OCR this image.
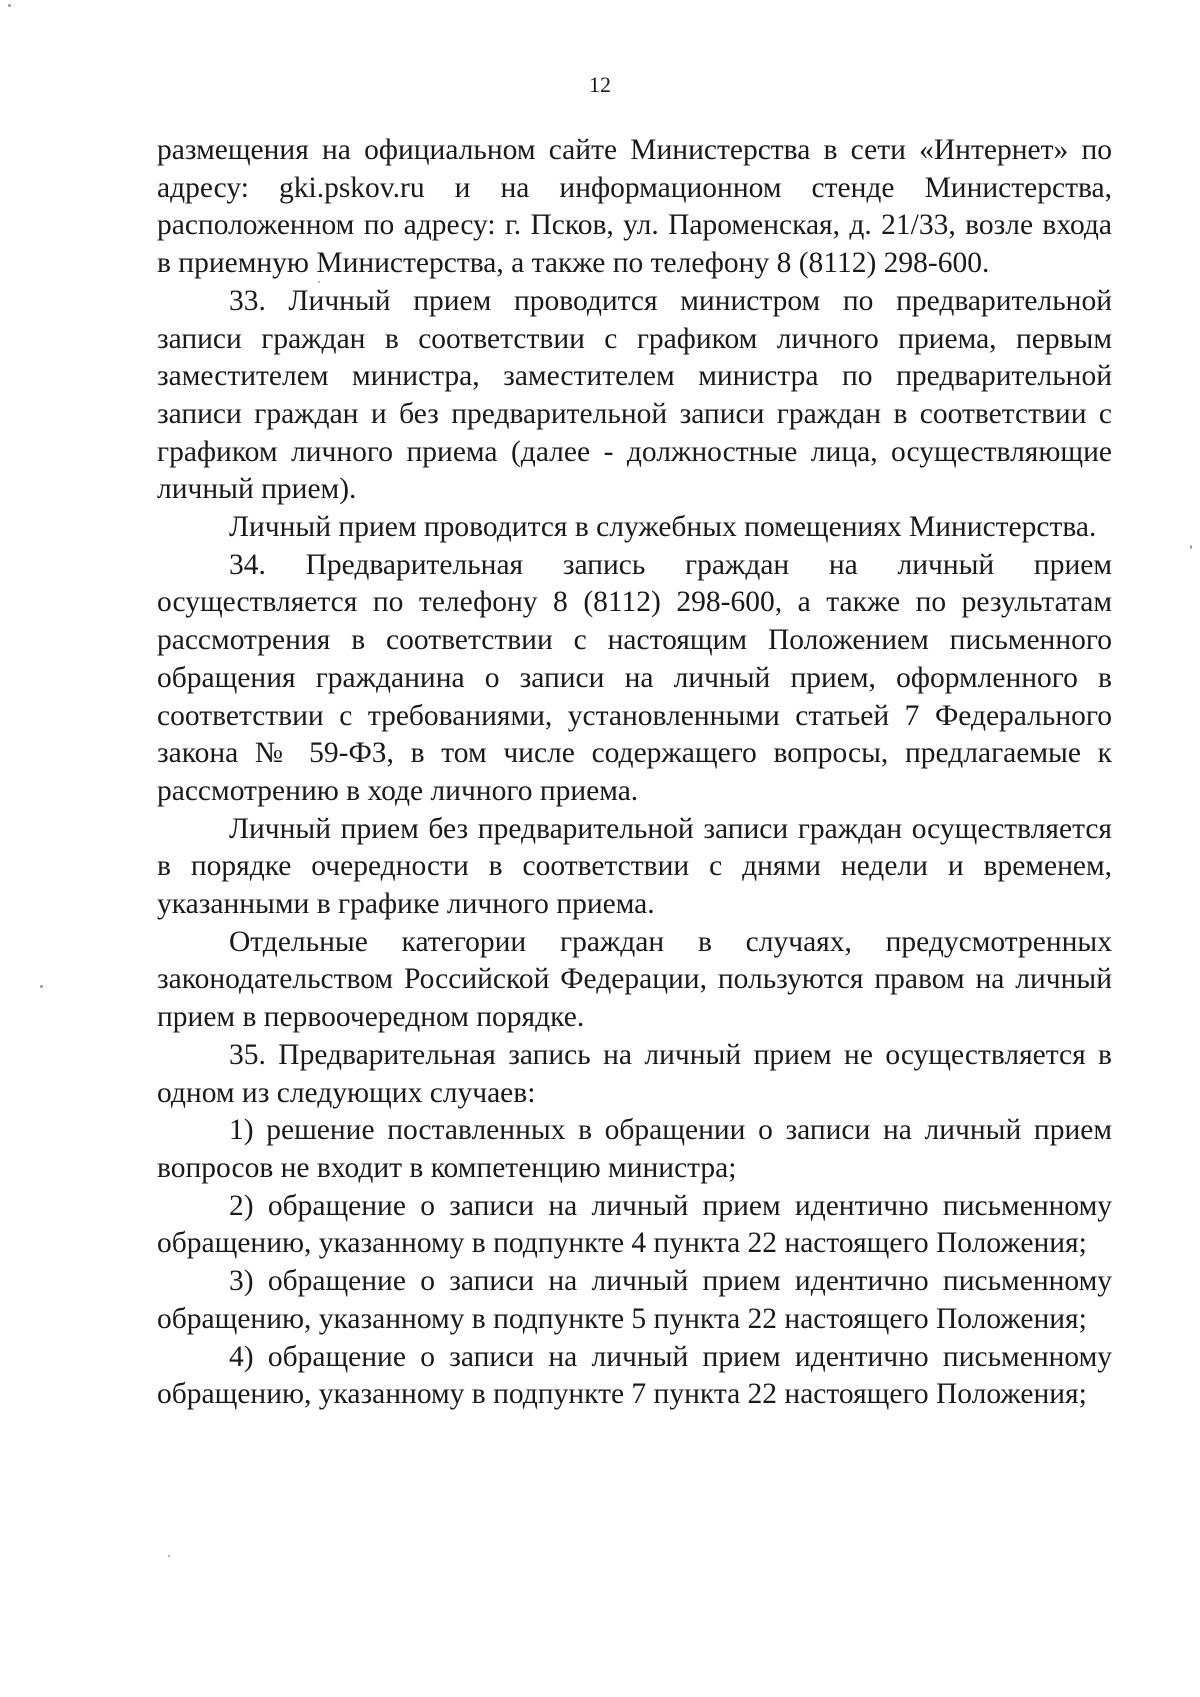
12

размещения на официальном сайте Министерства в сети «Интернет» по адресу: gki.pskov.ru и на информационном стенде Министерства, расположенном по адресу: г. Псков, ул. Пароменская, д. 21/33, возле входа в приемную Министерства, а также по телефону 8 (8112) 298-600.

33. Личный прием проводится министром по предварительной записи граждан в соответствии с графиком личного приема, первым заместителем министра, заместителем министра по предварительной записи граждан и без предварительной записи граждан в соответствии с графиком личного приема (далее - должностные лица, осуществляющие личный прием).

Личный прием проводится в служебных помещениях Министерства.

34. Предварительная запись граждан на личный прием осуществляется по телефону 8 (8112) 298-600, а также по результатам рассмотрения в соответствии с настоящим Положением письменного обращения гражданина о записи на личный прием, оформленного в соответствии с требованиями, установленными статьей 7 Федерального закона № 59-ФЗ, в том числе содержащего вопросы, предлагаемые к рассмотрению в ходе личного приема.

Личный прием без предварительной записи граждан осуществляется в порядке очередности в соответствии с днями недели и временем, указанными в графике личного приема.

Отдельные категории граждан в случаях, предусмотренных законодательством Российской Федерации, пользуются правом на личный прием в первоочередном порядке.

35. Предварительная запись на личный прием не осуществляется в одном из следующих случаев:

1) решение поставленных в обращении о записи на личный прием вопросов не входит в компетенцию министра;

2) обращение о записи на личный прием идентично письменному обращению, указанному в подпункте 4 пункта 22 настоящего Положения;

3) обращение о записи на личный прием идентично письменному обращению, указанному в подпункте 5 пункта 22 настоящего Положения;

4) обращение о записи на личный прием идентично письменному обращению, указанному в подпункте 7 пункта 22 настоящего Положения;
